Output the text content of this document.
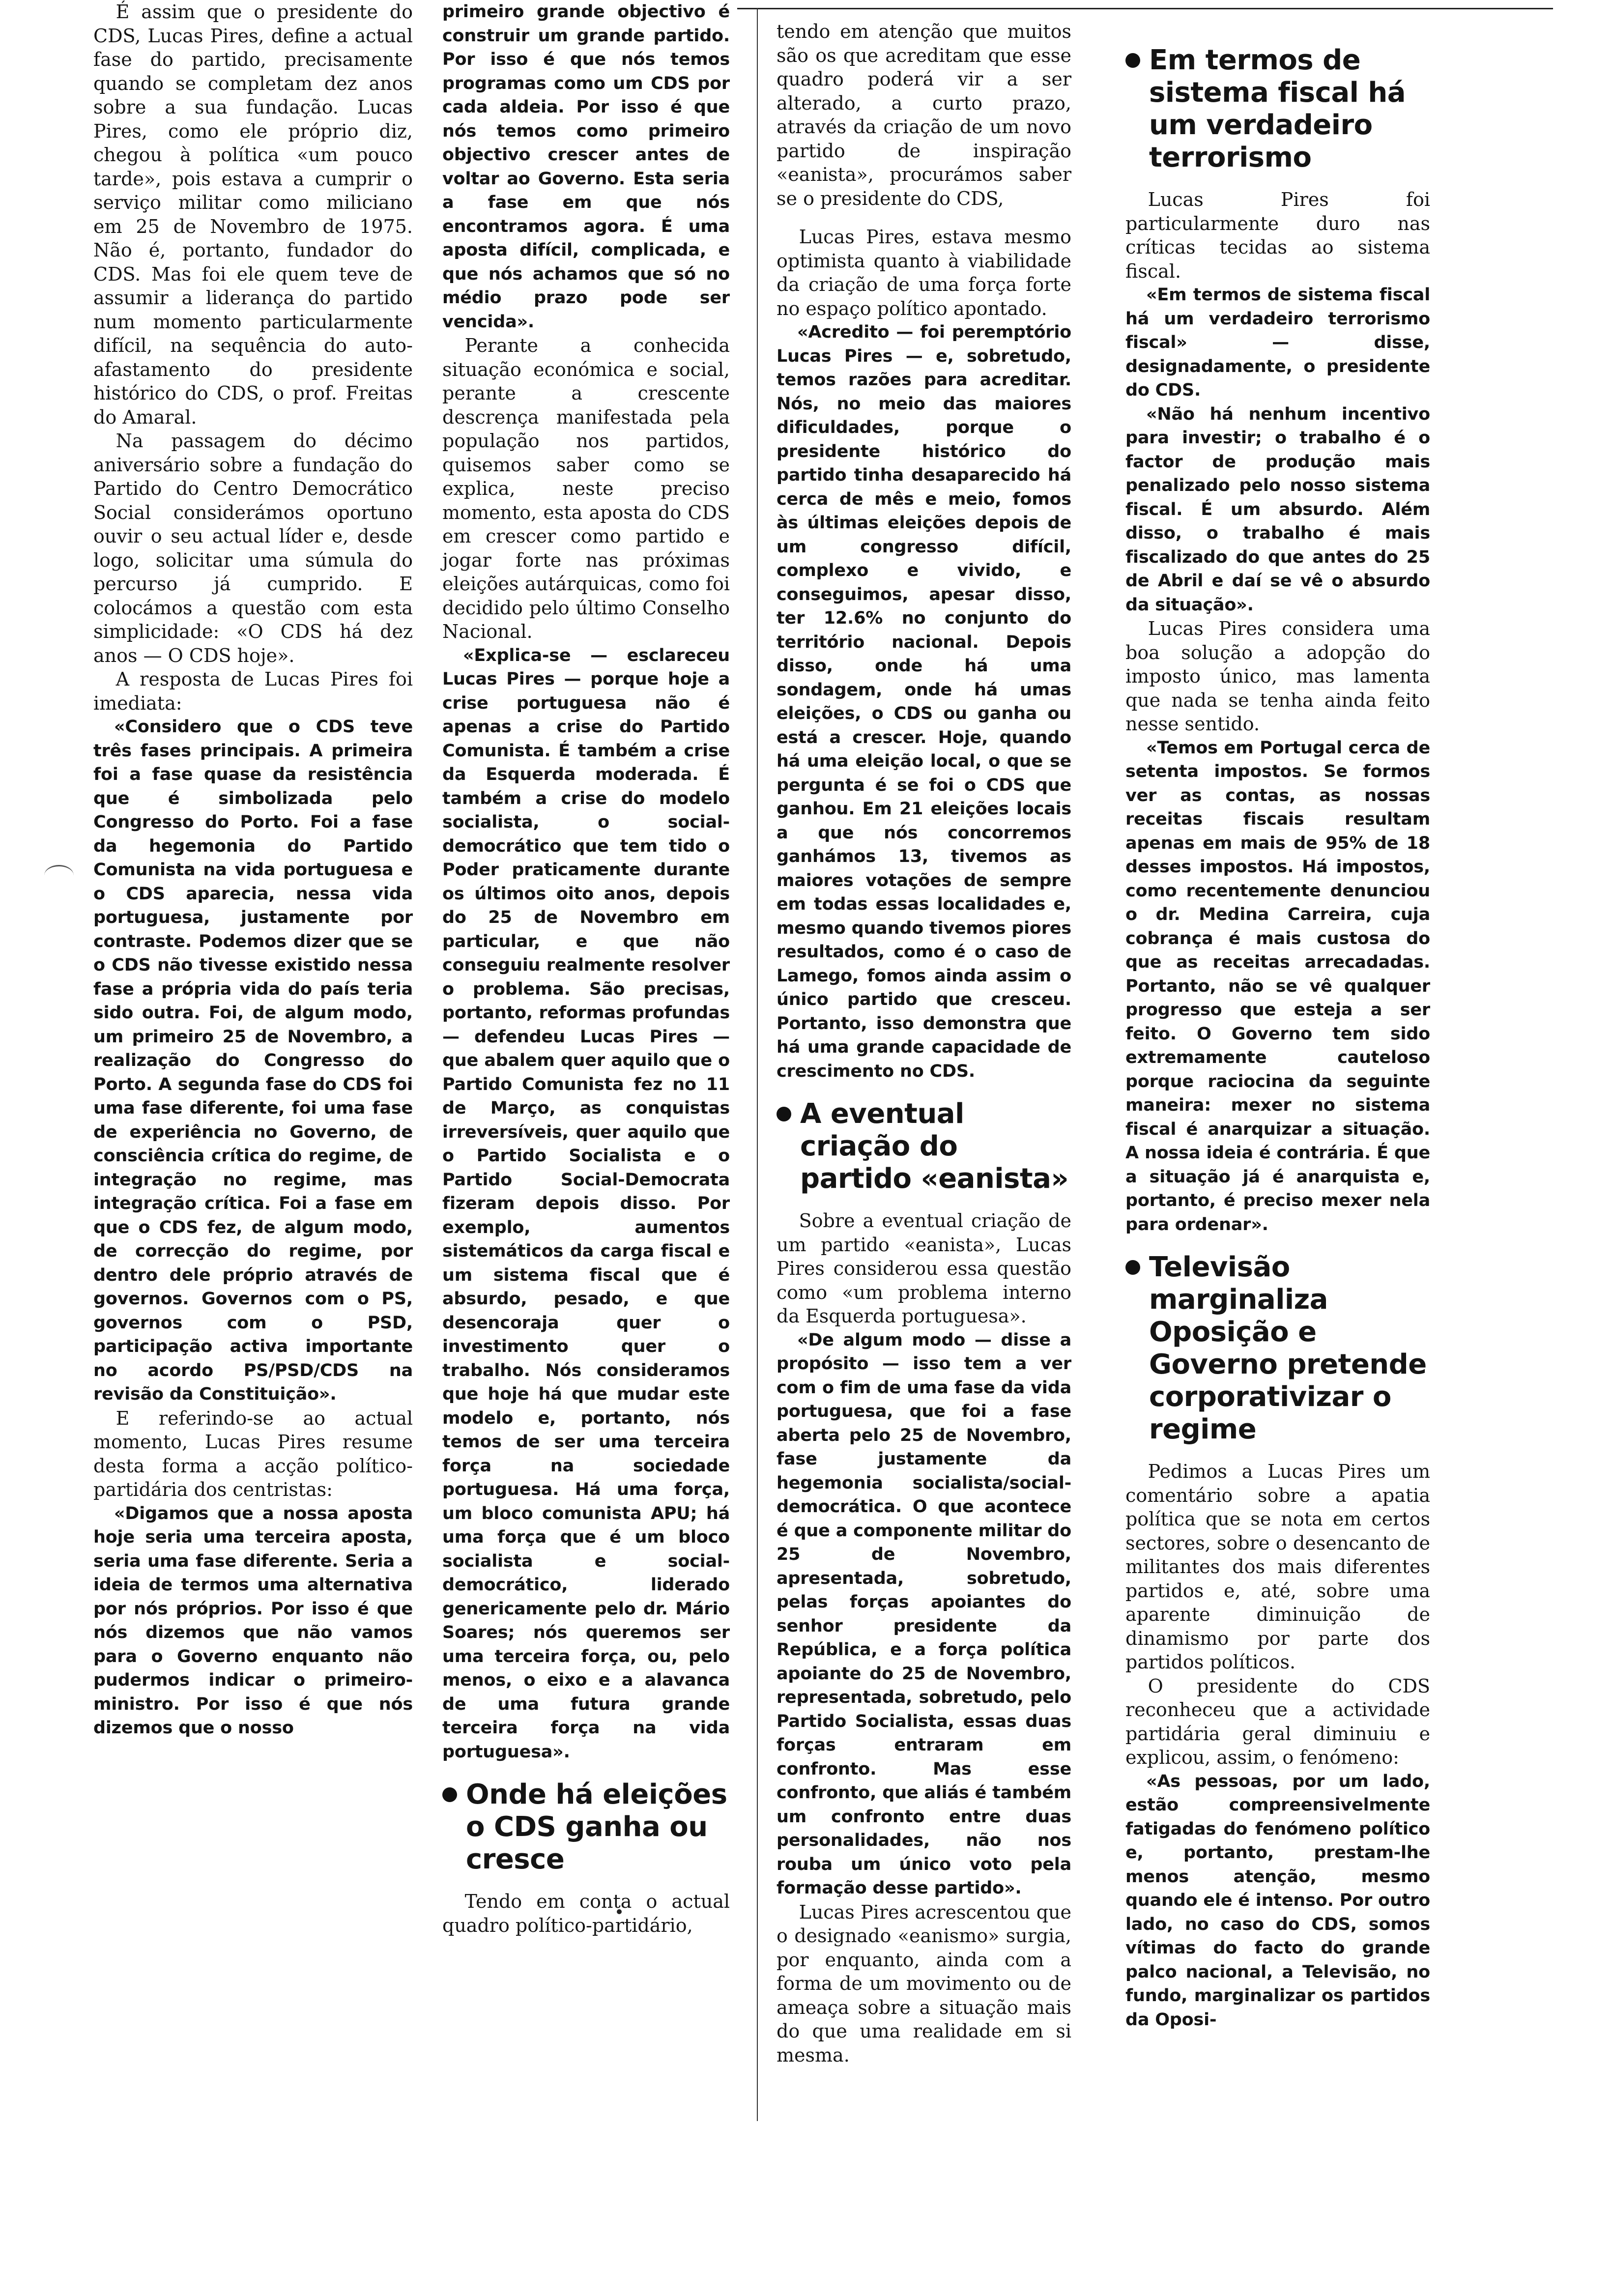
É assim que o presidente do CDS, Lucas Pires, define a actual fase do partido, precisamente quando se completam dez anos sobre a sua fundação. Lucas Pires, como ele próprio diz, chegou à política «um pouco tarde», pois estava a cumprir o serviço militar como miliciano em 25 de Novembro de 1975. Não é, portanto, fundador do CDS. Mas foi ele quem teve de assumir a liderança do partido num momento particularmente difícil, na sequência do auto-afastamento do presidente histórico do CDS, o prof. Freitas do Amaral.

Na passagem do décimo aniversário sobre a fundação do Partido do Centro Democrático Social considerámos oportuno ouvir o seu actual líder e, desde logo, solicitar uma súmula do percurso já cumprido. E colocámos a questão com esta simplicidade: «O CDS há dez anos — O CDS hoje».

A resposta de Lucas Pires foi imediata:

«Considero que o CDS teve três fases principais. A primeira foi a fase quase da resistência que é simbolizada pelo Congresso do Porto. Foi a fase da hegemonia do Partido Comunista na vida portuguesa e o CDS aparecia, nessa vida portuguesa, justamente por contraste. Podemos dizer que se o CDS não tivesse existido nessa fase a própria vida do país teria sido outra. Foi, de algum modo, um primeiro 25 de Novembro, a realização do Congresso do Porto. A segunda fase do CDS foi uma fase diferente, foi uma fase de experiência no Governo, de consciência crítica do regime, de integração no regime, mas integração crítica. Foi a fase em que o CDS fez, de algum modo, de correcção do regime, por dentro dele próprio através de governos. Governos com o PS, governos com o PSD, participação activa importante no acordo PS/PSD/CDS na revisão da Constituição».

E referindo-se ao actual momento, Lucas Pires resume desta forma a acção político-partidária dos centristas:

«Digamos que a nossa aposta hoje seria uma terceira aposta, seria uma fase diferente. Seria a ideia de termos uma alternativa por nós próprios. Por isso é que nós dizemos que não vamos para o Governo enquanto não pudermos indicar o primeiro-ministro. Por isso é que nós dizemos que o nosso

primeiro grande objectivo é construir um grande partido. Por isso é que nós temos programas como um CDS por cada aldeia. Por isso é que nós temos como primeiro objectivo crescer antes de voltar ao Governo. Esta seria a fase em que nós encontramos agora. É uma aposta difícil, complicada, e que nós achamos que só no médio prazo pode ser vencida».

Perante a conhecida situação económica e social, perante a crescente descrença manifestada pela população nos partidos, quisemos saber como se explica, neste preciso momento, esta aposta do CDS em crescer como partido e jogar forte nas próximas eleições autárquicas, como foi decidido pelo último Conselho Nacional.

«Explica-se — esclareceu Lucas Pires — porque hoje a crise portuguesa não é apenas a crise do Partido Comunista. É também a crise da Esquerda moderada. É também a crise do modelo socialista, o social-democrático que tem tido o Poder praticamente durante os últimos oito anos, depois do 25 de Novembro em particular, e que não conseguiu realmente resolver o problema. São precisas, portanto, reformas profundas — defendeu Lucas Pires —que abalem quer aquilo que o Partido Comunista fez no 11 de Março, as conquistas irreversíveis, quer aquilo que o Partido Socialista e o Partido Social-Democrata fizeram depois disso. Por exemplo, aumentos sistemáticos da carga fiscal e um sistema fiscal que é absurdo, pesado, e que desencoraja quer o investimento quer o trabalho. Nós consideramos que hoje há que mudar este modelo e, portanto, nós temos de ser uma terceira força na sociedade portuguesa. Há uma força, um bloco comunista APU; há uma força que é um bloco socialista e social-democrático, liderado genericamente pelo dr. Mário Soares; nós queremos ser uma terceira força, ou, pelo menos, o eixo e a alavanca de uma futura grande terceira força na vida portuguesa».

Onde há eleições o CDS ganha ou cresce

Tendo em conta o actual quadro político-partidário,

tendo em atenção que muitos são os que acreditam que esse quadro poderá vir a ser alterado, a curto prazo, através da criação de um novo partido de inspiração «eanista», procurámos saber se o presidente do CDS,

Lucas Pires, estava mesmo optimista quanto à viabilidade da criação de uma força forte no espaço político apontado.

«Acredito — foi peremptório Lucas Pires — e, sobretudo, temos razões para acreditar. Nós, no meio das maiores dificuldades, porque o presidente histórico do partido tinha desaparecido há cerca de mês e meio, fomos às últimas eleições depois de um congresso difícil, complexo e vivido, e conseguimos, apesar disso, ter 12.6% no conjunto do território nacional. Depois disso, onde há uma sondagem, onde há umas eleições, o CDS ou ganha ou está a crescer. Hoje, quando há uma eleição local, o que se pergunta é se foi o CDS que ganhou. Em 21 eleições locais a que nós concorremos ganhámos 13, tivemos as maiores votações de sempre em todas essas localidades e, mesmo quando tivemos piores resultados, como é o caso de Lamego, fomos ainda assim o único partido que cresceu. Portanto, isso demonstra que há uma grande capacidade de crescimento no CDS.

A eventual criação do partido «eanista»

Sobre a eventual criação de um partido «eanista», Lucas Pires considerou essa questão como «um problema interno da Esquerda portuguesa».

«De algum modo — disse a propósito — isso tem a ver com o fim de uma fase da vida portuguesa, que foi a fase aberta pelo 25 de Novembro, fase justamente da hegemonia socialista/social-democrática. O que acontece é que a componente militar do 25 de Novembro, apresentada, sobretudo, pelas forças apoiantes do senhor presidente da República, e a força política apoiante do 25 de Novembro, representada, sobretudo, pelo Partido Socialista, essas duas forças entraram em confronto. Mas esse confronto, que aliás é também um confronto entre duas personalidades, não nos rouba um único voto pela formação desse partido».

Lucas Pires acrescentou que o designado «eanismo» surgia, por enquanto, ainda com a forma de um movimento ou de ameaça sobre a situação mais do que uma realidade em si mesma.

Em termos de sistema fiscal há um verdadeiro terrorismo

Lucas Pires foi particularmente duro nas críticas tecidas ao sistema fiscal.

«Em termos de sistema fiscal há um verdadeiro terrorismo fiscal» — disse, designadamente, o presidente do CDS.

«Não há nenhum incentivo para investir; o trabalho é o factor de produção mais penalizado pelo nosso sistema fiscal. É um absurdo. Além disso, o trabalho é mais fiscalizado do que antes do 25 de Abril e daí se vê o absurdo da situação».

Lucas Pires considera uma boa solução a adopção do imposto único, mas lamenta que nada se tenha ainda feito nesse sentido.

«Temos em Portugal cerca de setenta impostos. Se formos ver as contas, as nossas receitas fiscais resultam apenas em mais de 95% de 18 desses impostos. Há impostos, como recentemente denunciou o dr. Medina Carreira, cuja cobrança é mais custosa do que as receitas arrecadadas. Portanto, não se vê qualquer progresso que esteja a ser feito. O Governo tem sido extremamente cauteloso porque raciocina da seguinte maneira: mexer no sistema fiscal é anarquizar a situação. A nossa ideia é contrária. É que a situação já é anarquista e, portanto, é preciso mexer nela para ordenar».

Televisão marginaliza Oposição e Governo pretende corporativizar o regime

Pedimos a Lucas Pires um comentário sobre a apatia política que se nota em certos sectores, sobre o desencanto de militantes dos mais diferentes partidos e, até, sobre uma aparente diminuição de dinamismo por parte dos partidos políticos.

O presidente do CDS reconheceu que a actividade partidária geral diminuiu e explicou, assim, o fenómeno:

«As pessoas, por um lado, estão compreensivelmente fatigadas do fenómeno político e, portanto, prestam-lhe menos atenção, mesmo quando ele é intenso. Por outro lado, no caso do CDS, somos vítimas do facto do grande palco nacional, a Televisão, no fundo, marginalizar os partidos da Oposi-
